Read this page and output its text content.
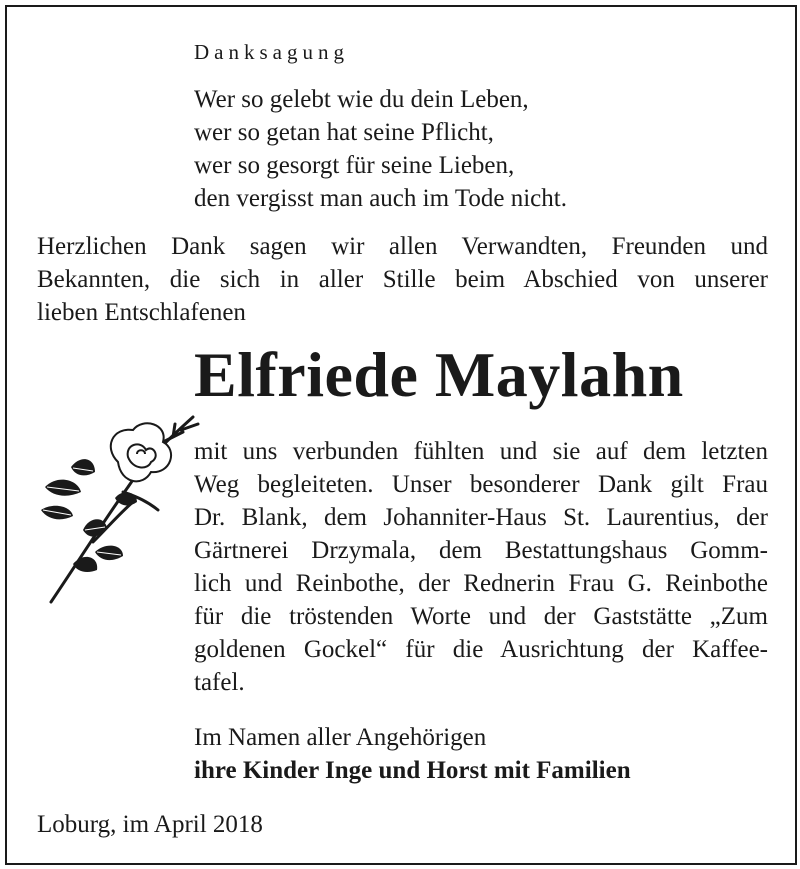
Danksagung
Wer so gelebt wie du dein Leben,
wer so getan hat seine Pflicht,
wer so gesorgt für seine Lieben,
den vergisst man auch im Tode nicht.
Herzlichen Dank sagen wir allen Verwandten, Freunden und
Bekannten, die sich in aller Stille beim Abschied von unserer
lieben Entschlafenen
Elfriede Maylahn
mit uns verbunden fühlten und sie auf dem letzten
Weg begleiteten. Unser besonderer Dank gilt Frau
Dr. Blank, dem Johanniter-Haus St. Laurentius, der
Gärtnerei Drzymala, dem Bestattungshaus Gomm-
lich und Reinbothe, der Rednerin Frau G. Reinbothe
für die tröstenden Worte und der Gaststätte „Zum
goldenen Gockel“ für die Ausrichtung der Kaffee-
tafel.
Im Namen aller Angehörigen
ihre Kinder Inge und Horst mit Familien
Loburg, im April 2018
